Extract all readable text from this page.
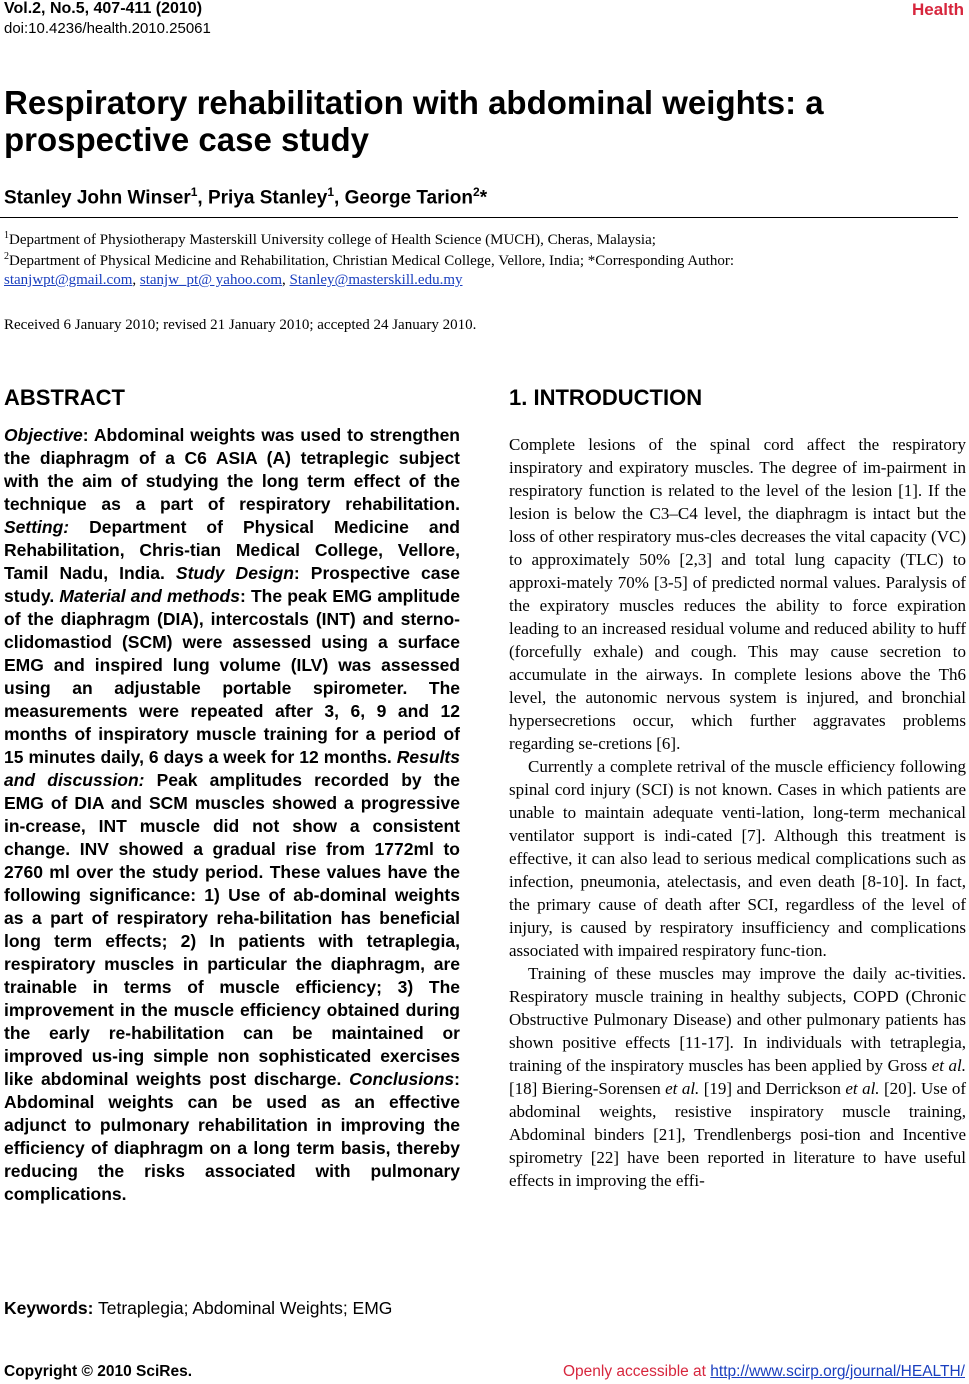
Vol.2, No.5, 407-411 (2010)
doi:10.4236/health.2010.25061
Health
Respiratory rehabilitation with abdominal weights: a prospective case study
Stanley John Winser$^1$, Priya Stanley$^1$, George Tarion$^2$*
$^1$Department of Physiotherapy Masterskill University college of Health Science (MUCH), Cheras, Malaysia;
$^2$Department of Physical Medicine and Rehabilitation, Christian Medical College, Vellore, India; *Corresponding Author:
stanjwpt@gmail.com, stanjw_pt@ yahoo.com, Stanley@masterskill.edu.my
Received 6 January 2010; revised 21 January 2010; accepted 24 January 2010.
ABSTRACT

Objective: Abdominal weights was used to strengthen the diaphragm of a C6 ASIA (A) tetraplegic subject with the aim of studying the long term effect of the technique as a part of respiratory rehabilitation. Setting: Department of Physical Medicine and Rehabilitation, Chris-tian Medical College, Vellore, Tamil Nadu, India. Study Design: Prospective case study. Material and methods: The peak EMG amplitude of the diaphragm (DIA), intercostals (INT) and sterno-clidomastiod (SCM) were assessed using a surface EMG and inspired lung volume (ILV) was assessed using an adjustable portable spirometer. The measurements were repeated after 3, 6, 9 and 12 months of inspiratory muscle training for a period of 15 minutes daily, 6 days a week for 12 months. Results and discussion: Peak amplitudes recorded by the EMG of DIA and SCM muscles showed a progressive in-crease, INT muscle did not show a consistent change. INV showed a gradual rise from 1772ml to 2760 ml over the study period. These values have the following significance: 1) Use of ab-dominal weights as a part of respiratory reha-bilitation has beneficial long term effects; 2) In patients with tetraplegia, respiratory muscles in particular the diaphragm, are trainable in terms of muscle efficiency; 3) The improvement in the muscle efficiency obtained during the early re-habilitation can be maintained or improved us-ing simple non sophisticated exercises like abdominal weights post discharge. Conclusions: Abdominal weights can be used as an effective adjunct to pulmonary rehabilitation in improving the efficiency of diaphragm on a long term basis, thereby reducing the risks associated with pulmonary complications.

Keywords: Tetraplegia; Abdominal Weights; EMG
1. INTRODUCTION

Complete lesions of the spinal cord affect the respiratory inspiratory and expiratory muscles. The degree of im-pairment in respiratory function is related to the level of the lesion [1]. If the lesion is below the C3–C4 level, the diaphragm is intact but the loss of other respiratory mus-cles decreases the vital capacity (VC) to approximately 50% [2,3] and total lung capacity (TLC) to approxi-mately 70% [3-5] of predicted normal values. Paralysis of the expiratory muscles reduces the ability to force expiration leading to an increased residual volume and reduced ability to huff (forcefully exhale) and cough. This may cause secretion to accumulate in the airways. In complete lesions above the Th6 level, the autonomic nervous system is injured, and bronchial hypersecretions occur, which further aggravates problems regarding se-cretions [6].

Currently a complete retrival of the muscle efficiency following spinal cord injury (SCI) is not known. Cases in which patients are unable to maintain adequate venti-lation, long-term mechanical ventilator support is indi-cated [7]. Although this treatment is effective, it can also lead to serious medical complications such as infection, pneumonia, atelectasis, and even death [8-10]. In fact, the primary cause of death after SCI, regardless of the level of injury, is caused by respiratory insufficiency and complications associated with impaired respiratory func-tion.

Training of these muscles may improve the daily ac-tivities. Respiratory muscle training in healthy subjects, COPD (Chronic Obstructive Pulmonary Disease) and other pulmonary patients has shown positive effects [11-17]. In individuals with tetraplegia, training of the inspiratory muscles has been applied by Gross et al. [18] Biering-Sorensen et al. [19] and Derrickson et al. [20]. Use of abdominal weights, resistive inspiratory muscle training, Abdominal binders [21], Trendlenbergs posi-tion and Incentive spirometry [22] have been reported in literature to have useful effects in improving the effi-

Copyright © 2010 SciRes.	Openly accessible at http://www.scirp.org/journal/HEALTH/
